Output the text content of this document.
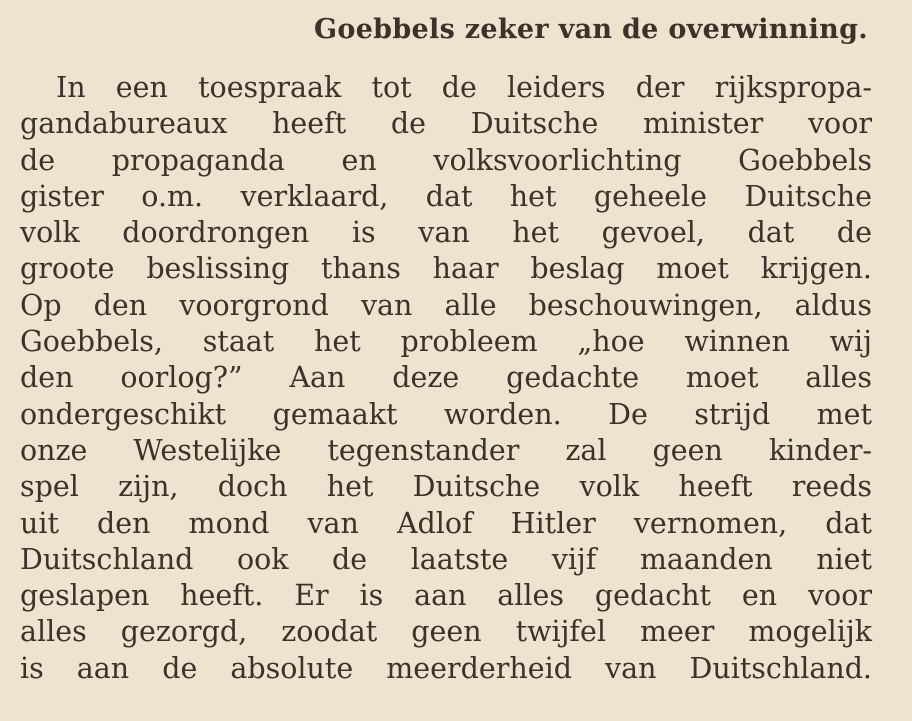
Goebbels zeker van de overwinning.
In een toespraak tot de leiders der rijkspropa-
gandabureaux heeft de Duitsche minister voor
de propaganda en volksvoorlichting Goebbels
gister o.m. verklaard, dat het geheele Duitsche
volk doordrongen is van het gevoel, dat de
groote beslissing thans haar beslag moet krijgen.
Op den voorgrond van alle beschouwingen, aldus
Goebbels, staat het probleem „hoe winnen wij
den oorlog?” Aan deze gedachte moet alles
ondergeschikt gemaakt worden. De strijd met
onze Westelijke tegenstander zal geen kinder-
spel zijn, doch het Duitsche volk heeft reeds
uit den mond van Adlof Hitler vernomen, dat
Duitschland ook de laatste vijf maanden niet
geslapen heeft. Er is aan alles gedacht en voor
alles gezorgd, zoodat geen twijfel meer mogelijk
is aan de absolute meerderheid van Duitschland.
